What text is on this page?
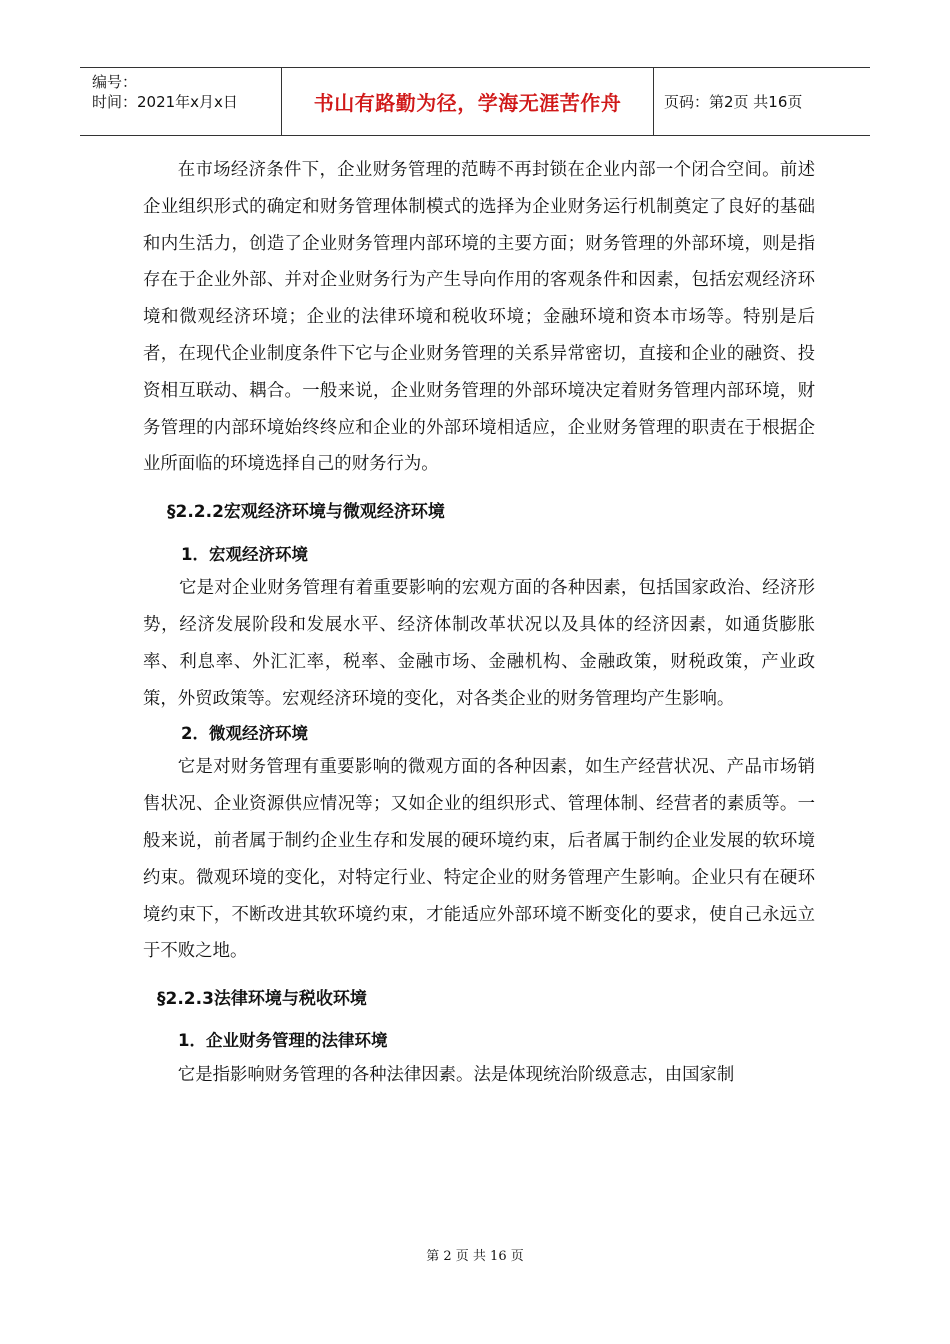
编号：
时间：2021年x月x日	书山有路勤为径，学海无涯苦作舟	页码：第2页 共16页

在市场经济条件下，企业财务管理的范畴不再封锁在企业内部一个闭合空间。前述企业组织形式的确定和财务管理体制模式的选择为企业财务运行机制奠定了良好的基础和内生活力，创造了企业财务管理内部环境的主要方面；财务管理的外部环境，则是指存在于企业外部、并对企业财务行为产生导向作用的客观条件和因素，包括宏观经济环境和微观经济环境；企业的法律环境和税收环境；金融环境和资本市场等。特别是后者，在现代企业制度条件下它与企业财务管理的关系异常密切，直接和企业的融资、投资相互联动、耦合。一般来说，企业财务管理的外部环境决定着财务管理内部环境，财务管理的内部环境始终终应和企业的外部环境相适应，企业财务管理的职责在于根据企业所面临的环境选择自己的财务行为。

§2.2.2宏观经济环境与微观经济环境

1．宏观经济环境

它是对企业财务管理有着重要影响的宏观方面的各种因素，包括国家政治、经济形势，经济发展阶段和发展水平、经济体制改革状况以及具体的经济因素，如通货膨胀率、利息率、外汇汇率，税率、金融市场、金融机构、金融政策，财税政策，产业政策，外贸政策等。宏观经济环境的变化，对各类企业的财务管理均产生影响。

2．微观经济环境

它是对财务管理有重要影响的微观方面的各种因素，如生产经营状况、产品市场销售状况、企业资源供应情况等；又如企业的组织形式、管理体制、经营者的素质等。一般来说，前者属于制约企业生存和发展的硬环境约束，后者属于制约企业发展的软环境约束。微观环境的变化，对特定行业、特定企业的财务管理产生影响。企业只有在硬环境约束下，不断改进其软环境约束，才能适应外部环境不断变化的要求，使自己永远立于不败之地。

§2.2.3法律环境与税收环境

1．企业财务管理的法律环境

它是指影响财务管理的各种法律因素。法是体现统治阶级意志，由国家制

第 2 页 共 16 页
